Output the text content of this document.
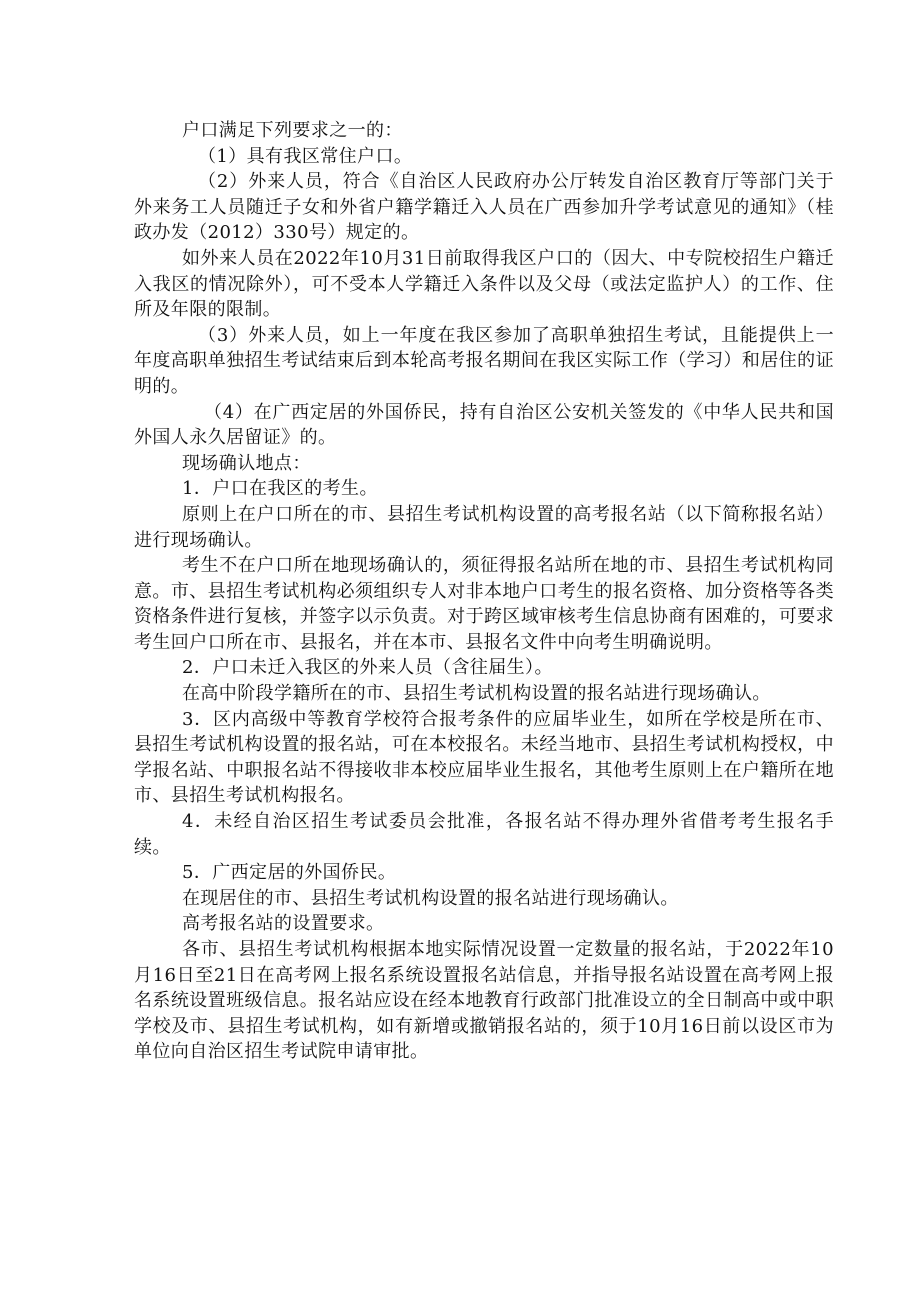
户口满足下列要求之一的：

（1）具有我区常住户口。

（2）外来人员，符合《自治区人民政府办公厅转发自治区教育厅等部门关于外来务工人员随迁子女和外省户籍学籍迁入人员在广西参加升学考试意见的通知》（桂政办发（2012）330号）规定的。

如外来人员在2022年10月31日前取得我区户口的（因大、中专院校招生户籍迁入我区的情况除外），可不受本人学籍迁入条件以及父母（或法定监护人）的工作、住所及年限的限制。

（3）外来人员，如上一年度在我区参加了高职单独招生考试，且能提供上一年度高职单独招生考试结束后到本轮高考报名期间在我区实际工作（学习）和居住的证明的。

（4）在广西定居的外国侨民，持有自治区公安机关签发的《中华人民共和国外国人永久居留证》的。

现场确认地点：

1．户口在我区的考生。

原则上在户口所在的市、县招生考试机构设置的高考报名站（以下简称报名站）进行现场确认。

考生不在户口所在地现场确认的，须征得报名站所在地的市、县招生考试机构同意。市、县招生考试机构必须组织专人对非本地户口考生的报名资格、加分资格等各类资格条件进行复核，并签字以示负责。对于跨区域审核考生信息协商有困难的，可要求考生回户口所在市、县报名，并在本市、县报名文件中向考生明确说明。

2．户口未迁入我区的外来人员（含往届生）。

在高中阶段学籍所在的市、县招生考试机构设置的报名站进行现场确认。

3．区内高级中等教育学校符合报考条件的应届毕业生，如所在学校是所在市、县招生考试机构设置的报名站，可在本校报名。未经当地市、县招生考试机构授权，中学报名站、中职报名站不得接收非本校应届毕业生报名，其他考生原则上在户籍所在地市、县招生考试机构报名。

4．未经自治区招生考试委员会批准，各报名站不得办理外省借考考生报名手续。

5．广西定居的外国侨民。

在现居住的市、县招生考试机构设置的报名站进行现场确认。

高考报名站的设置要求。

各市、县招生考试机构根据本地实际情况设置一定数量的报名站，于2022年10月16日至21日在高考网上报名系统设置报名站信息，并指导报名站设置在高考网上报名系统设置班级信息。报名站应设在经本地教育行政部门批准设立的全日制高中或中职学校及市、县招生考试机构，如有新增或撤销报名站的，须于10月16日前以设区市为单位向自治区招生考试院申请审批。
